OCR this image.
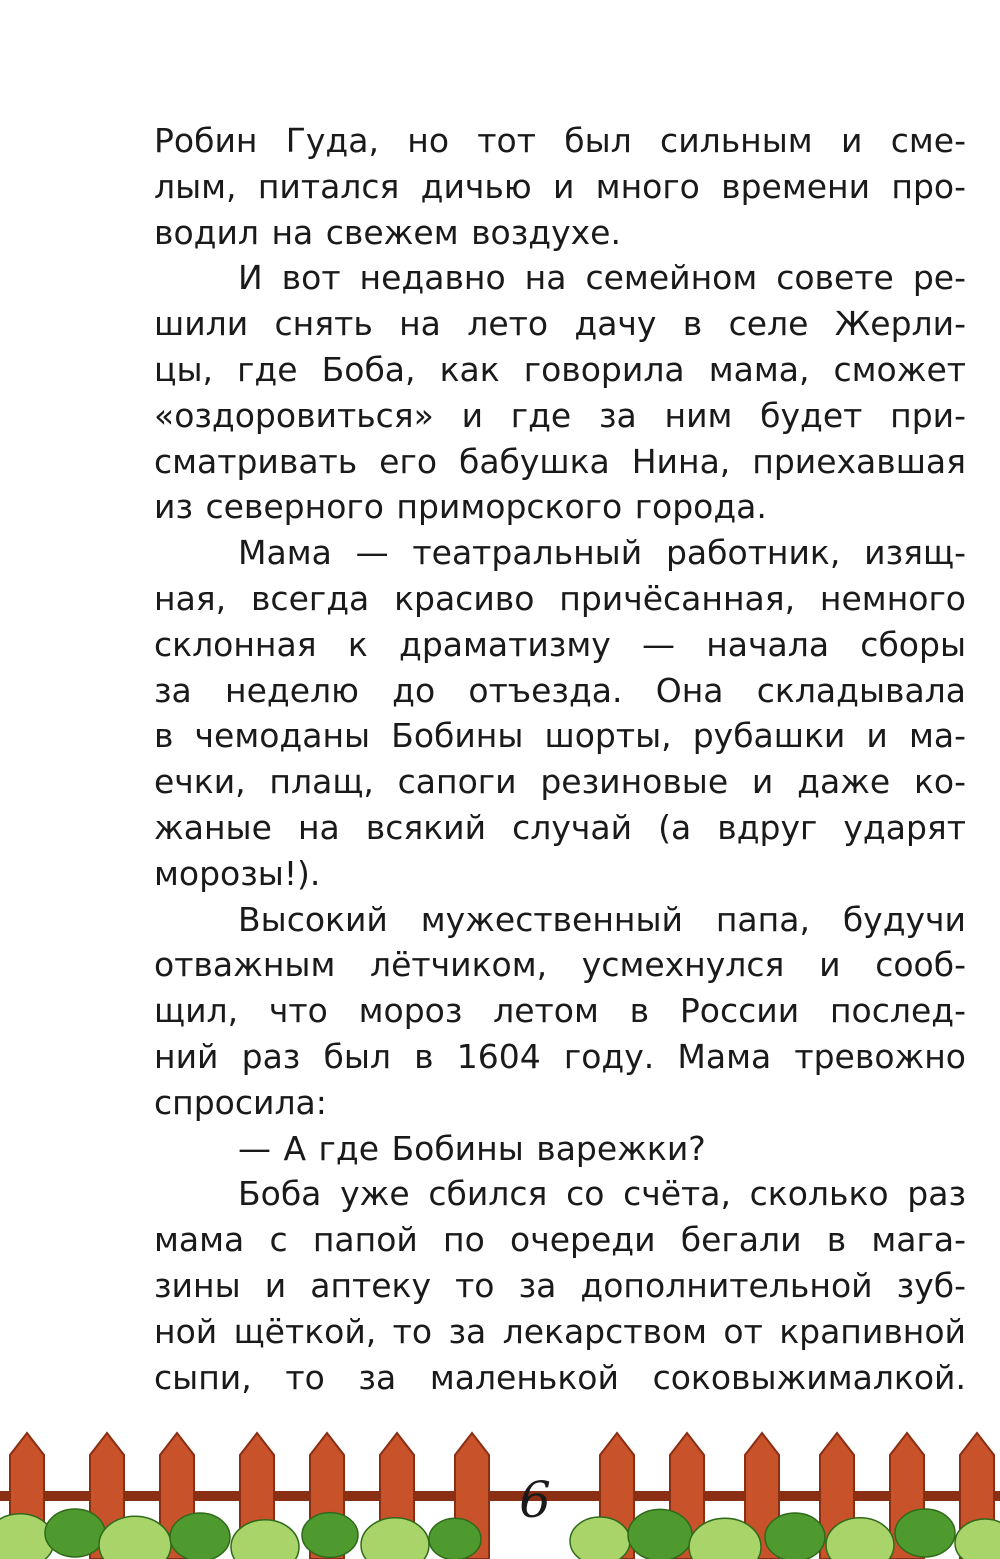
Робин Гуда, но тот был сильным и сме-
лым, питался дичью и много времени про-
водил на свежем воздухе.
И вот недавно на семейном совете ре-
шили снять на лето дачу в селе Жерли-
цы, где Боба, как говорила мама, сможет
«оздоровиться» и где за ним будет при-
сматривать его бабушка Нина, приехавшая
из северного приморского города.
Мама — театральный работник, изящ-
ная, всегда красиво причёсанная, немного
склонная к драматизму — начала сборы
за неделю до отъезда. Она складывала
в чемоданы Бобины шорты, рубашки и ма-
ечки, плащ, сапоги резиновые и даже ко-
жаные на всякий случай (а вдруг ударят
морозы!).
Высокий мужественный папа, будучи
отважным лётчиком, усмехнулся и сооб-
щил, что мороз летом в России послед-
ний раз был в 1604 году. Мама тревожно
спросила:
— А где Бобины варежки?
Боба уже сбился со счёта, сколько раз
мама с папой по очереди бегали в мага-
зины и аптеку то за дополнительной зуб-
ной щёткой, то за лекарством от крапивной
сыпи, то за маленькой соковыжималкой.
6
